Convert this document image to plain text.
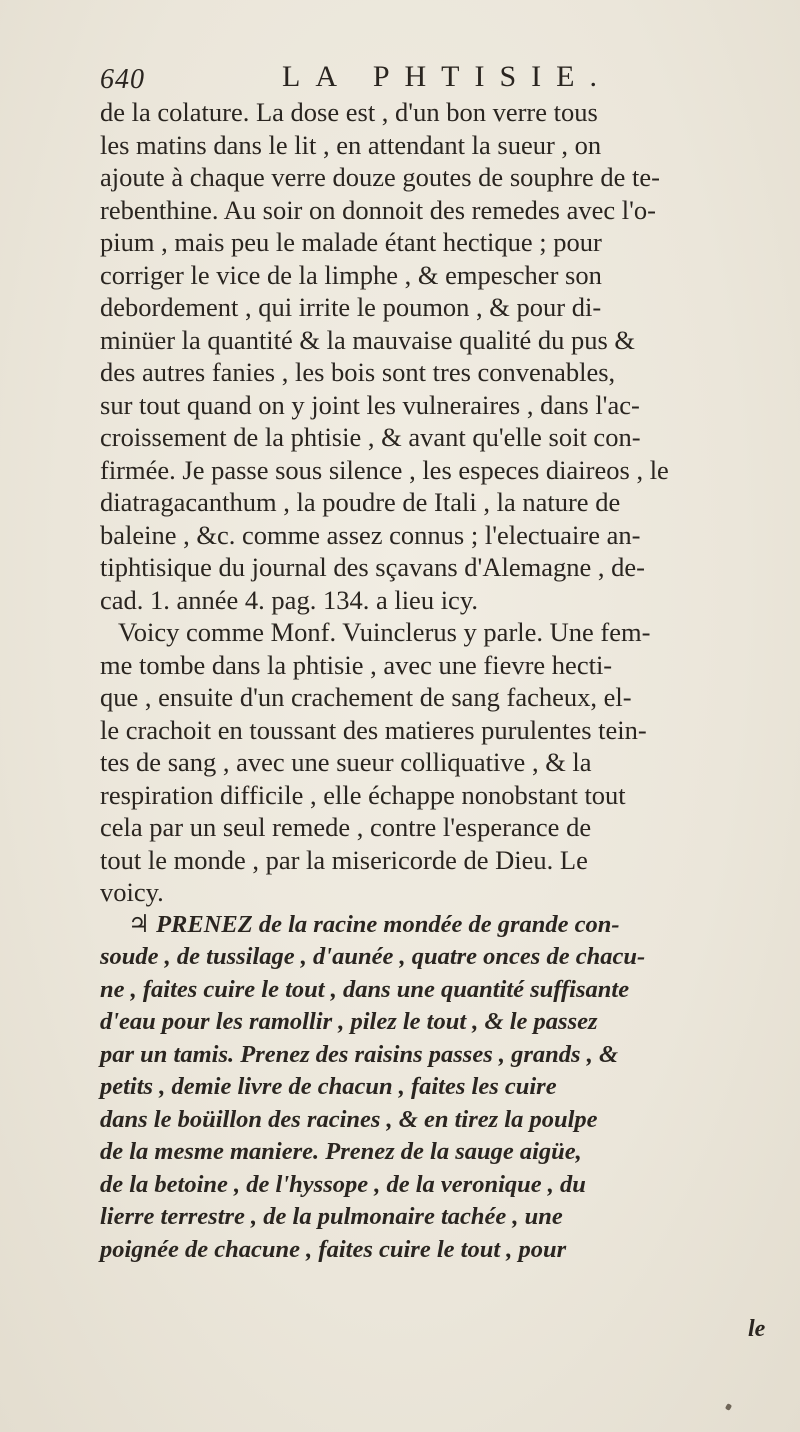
640	LA PHTISIE.
de la colature. La dose est , d'un bon verre tous
les matins dans le lit , en attendant la sueur , on
ajoute à chaque verre douze goutes de souphre de te-
rebenthine. Au soir on donnoit des remedes avec l'o-
pium , mais peu le malade étant hectique ; pour
corriger le vice de la limphe , & empescher son
debordement , qui irrite le poumon , & pour di-
minüer la quantité & la mauvaise qualité du pus &
des autres fanies , les bois sont tres convenables,
sur tout quand on y joint les vulneraires , dans l'ac-
croissement de la phtisie , & avant qu'elle soit con-
firmée. Je passe sous silence , les especes diaireos , le
diatragacanthum , la poudre de Itali , la nature de
baleine , &c. comme assez connus ; l'electuaire an-
tiphtisique du journal des sçavans d'Alemagne , de-
cad. 1. année 4. pag. 134. a lieu icy.
Voicy comme Monf. Vuinclerus y parle. Une fem-
me tombe dans la phtisie , avec une fievre hecti-
que , ensuite d'un crachement de sang facheux, el-
le crachoit en toussant des matieres purulentes tein-
tes de sang , avec une sueur colliquative , & la
respiration difficile , elle échappe nonobstant tout
cela par un seul remede , contre l'esperance de
tout le monde , par la misericorde de Dieu. Le
voicy.
♃ PRENEZ de la racine mondée de grande con-
soude , de tussilage , d'aunée , quatre onces de chacu-
ne , faites cuire le tout , dans une quantité suffisante
d'eau pour les ramollir , pilez le tout , & le passez
par un tamis. Prenez des raisins passes , grands , &
petits , demie livre de chacun , faites les cuire
dans le boüillon des racines , & en tirez la poulpe
de la mesme maniere. Prenez de la sauge aigüe,
de la betoine , de l'hyssope , de la veronique , du
lierre terrestre , de la pulmonaire tachée , une
poignée de chacune , faites cuire le tout , pour
le
